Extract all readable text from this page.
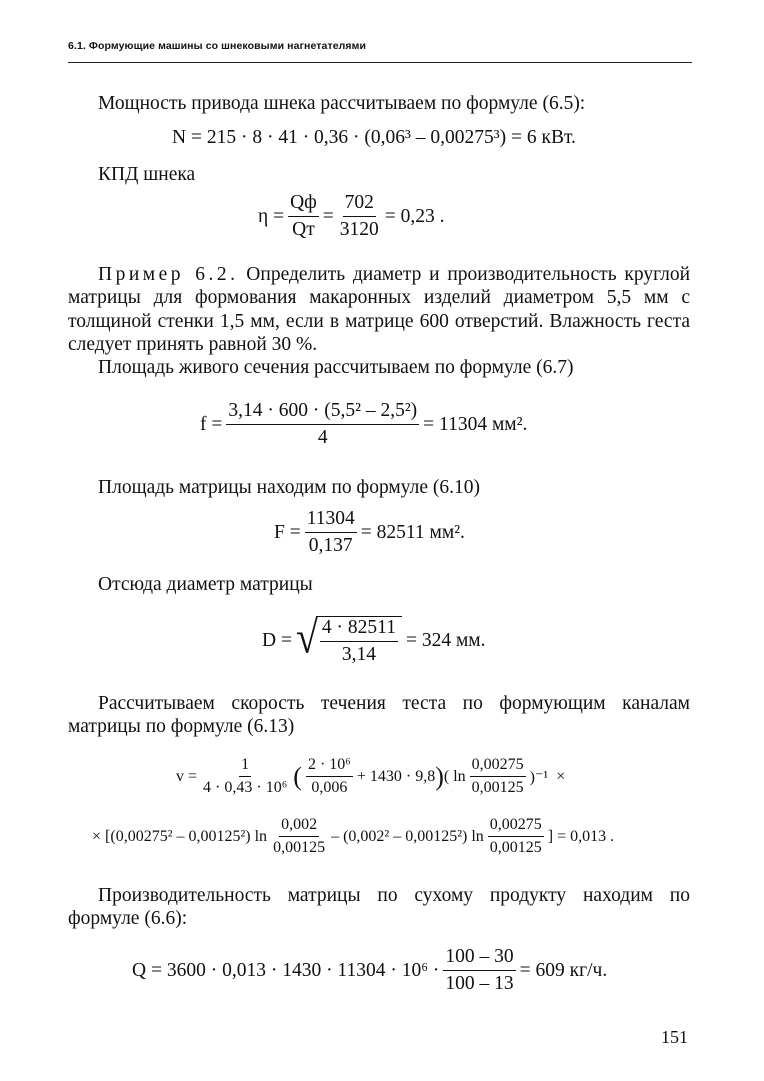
6.1. Формующие машины со шнековыми нагнетателями
Мощность привода шнека рассчитываем по формуле (6.5):
N = 215 · 8 · 41 · 0,36 · (0,06³ – 0,00275³) = 6 кВт.
КПД шнека
$\eta = \frac{Qф}{Qт} = \frac{702}{3120} = 0,23$ .
Пример 6.2. Определить диаметр и производительность круглой матрицы для формования макаронных изделий диаметром 5,5 мм с толщиной стенки 1,5 мм, если в матрице 600 отверстий. Влажность геста следует принять равной 30 %.
Площадь живого сечения рассчитываем по формуле (6.7)
$f = \frac{\text{3,14 · 600 · (5,5² – 2,5²)}}{4} = 11304$ мм².
Площадь матрицы находим по формуле (6.10)
$F = \frac{11304}{0,137} = 82511$ мм².
Отсюда диаметр матрицы
D = √ $\frac{4 \cdot 82511}{3,14} = 324$ мм.
Рассчитываем скорость течения теста по формующим каналам матрицы по формуле (6.13)
$v = \frac{1}{\text{4 · 0,43 · 10⁶}}$ ( $\frac{\text{2 · 10⁶}}{0,006} + 1430 \cdot 9,8$ ) ( $\ln \frac{0,00275}{0,00125} )^{-1}$ ×
× [ (0,00275² – 0,00125²) $\ln \frac{0,002}{0,00125} - (0,002^2 - 0,00125^2)$ $\ln \frac{0,00275}{0,00125}$ ] = 0,013 .
Производительность матрицы по сухому продукту находим по формуле (6.6):
$Q = 3600 \cdot 0,013 \cdot 1430 \cdot 11304 \cdot 10^6 \cdot \frac{100 - 30}{100 - 13} = 609$ кг/ч.
151
